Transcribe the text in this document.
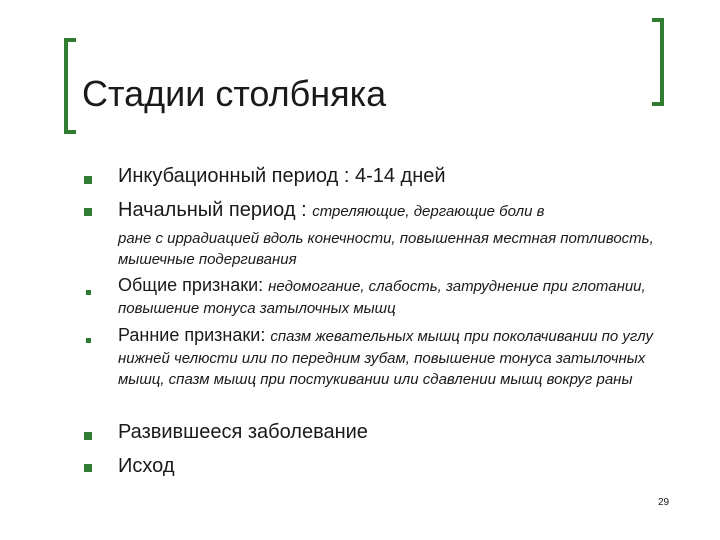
Стадии столбняка
Инкубационный период : 4-14 дней
Начальный период : стреляющие, дергающие боли в
ране с иррадиацией вдоль конечности, повышенная местная потливость, мышечные подергивания
Общие признаки: недомогание, слабость, затруднение при глотании, повышение тонуса затылочных мышц
Ранние признаки: спазм жевательных мышц при поколачивании по углу нижней челюсти или по передним зубам, повышение тонуса затылочных мышц, спазм мышц при постукивании или сдавлении мышц вокруг раны
Развившееся заболевание
Исход
29
